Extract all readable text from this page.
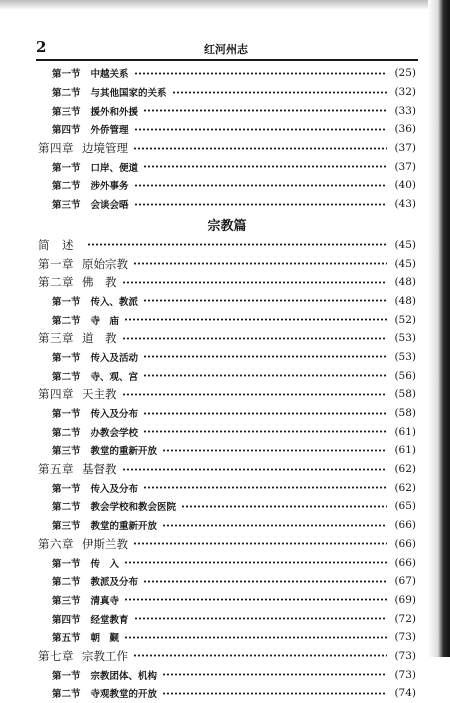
2	红河州志
第一节 中越关系	(25)
第二节 与其他国家的关系	(32)
第三节 援外和外援	(33)
第四节 外侨管理	(36)
第四章 边境管理	(37)
第一节 口岸、便道	(37)
第二节 涉外事务	(40)
第三节 会谈会晤	(43)
宗教篇
简　述	(45)
第一章 原始宗教	(45)
第二章 佛　教	(48)
第一节 传入、教派	(48)
第二节 寺　庙	(52)
第三章 道　教	(53)
第一节 传入及活动	(53)
第二节 寺、观、宫	(56)
第四章 天主教	(58)
第一节 传入及分布	(58)
第二节 办教会学校	(61)
第三节 教堂的重新开放	(61)
第五章 基督教	(62)
第一节 传入及分布	(62)
第二节 教会学校和教会医院	(65)
第三节 教堂的重新开放	(66)
第六章 伊斯兰教	(66)
第一节 传　入	(66)
第二节 教派及分布	(67)
第三节 清真寺	(69)
第四节 经堂教育	(72)
第五节 朝　觐	(73)
第七章 宗教工作	(73)
第一节 宗教团体、机构	(73)
第二节 寺观教堂的开放	(74)
